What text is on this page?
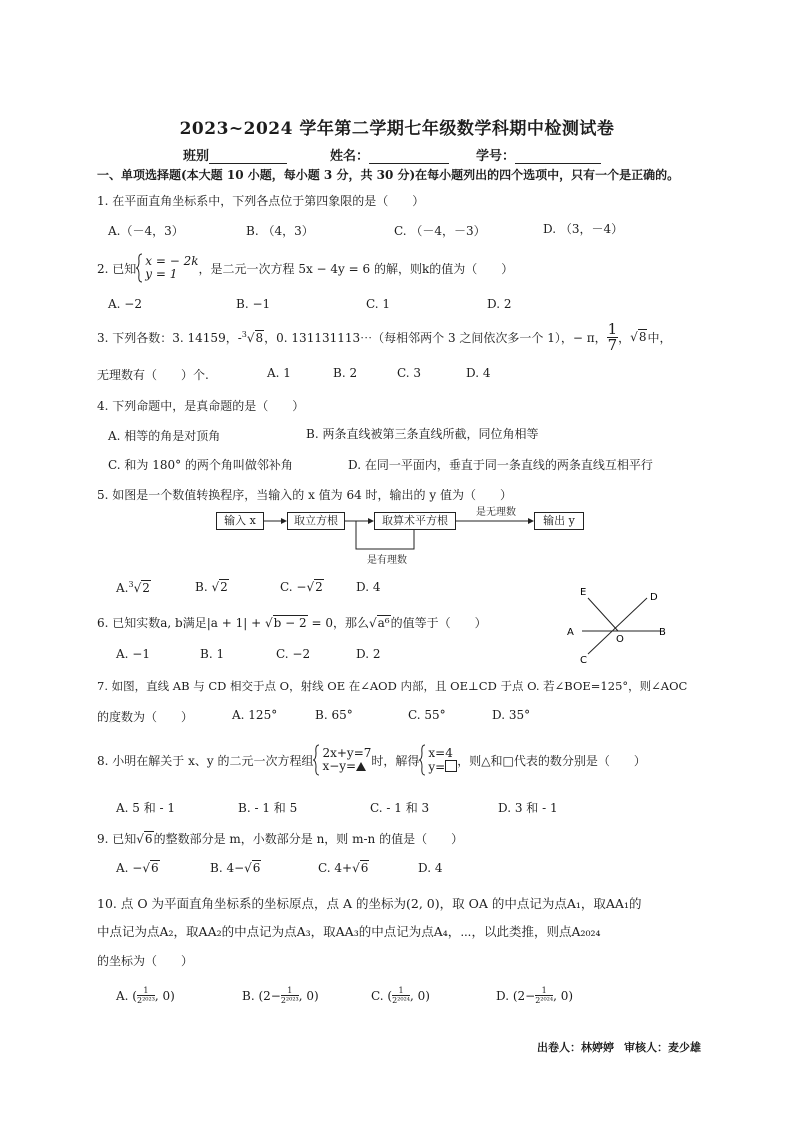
2023~2024 学年第二学期七年级数学科期中检测试卷
班别	姓名：	学号：
一、单项选择题(本大题 10 小题，每小题 3 分，共 30 分)在每小题列出的四个选项中，只有一个是正确的。
1. 在平面直角坐标系中，下列各点位于第四象限的是（　　）
A.（－4，3）	B. （4，3）	C. （－4，－3）	D. （3，－4）
2. 已知
x = − 2k
y = 1	，是二元一次方程 5x − 4y = 6 的解，则k的值为（　　）
A. −2	B. −1	C. 1	D. 2
3. 下列各数：3. 14159，- $^3$√8 ，0. 131131113⋯（每相邻两个 3 之间依次多一个 1），− π， $\frac{1}{7}$ ， √8 中，
无理数有（　　）个.	A. 1	B. 2	C. 3	D. 4
4. 下列命题中，是真命题的是（　　）
A. 相等的角是对顶角	B. 两条直线被第三条直线所截，同位角相等
C. 和为 180° 的两个角叫做邻补角	D. 在同一平面内，垂直于同一条直线的两条直线互相平行
5. 如图是一个数值转换程序，当输入的 x 值为 64 时，输出的 y 值为（　　）
输入 x	取立方根	取算术平方根
是无理数
输出 y
是有理数
A.$^3$√2	B. √2	C. −√2	D. 4
6. 已知实数a, b满足|a + 1| + √b − 2 = 0，那么√a⁶的值等于（　　）
A. −1	B. 1	C. −2	D. 2
E	D
A
O
B
C
7. 如图，直线 AB 与 CD 相交于点 O，射线 OE 在∠AOD 内部，且 OE⊥CD 于点 O. 若∠BOE=125°，则∠AOC
的度数为（　　）	A. 125°	B. 65°	C. 55°	D. 35°
8. 小明在解关于 x、y 的二元一次方程组
2x+y=7
x−y=	时，解得
x=4
y=	，则△和□代表的数分别是（　　）
A. 5 和 - 1	B. - 1 和 5	C. - 1 和 3	D. 3 和 - 1
9. 已知√6的整数部分是 m，小数部分是 n，则 m-n 的值是（　　）
A. −√6	B. 4−√6	C. 4+√6	D. 4
10. 点 O 为平面直角坐标系的坐标原点，点 A 的坐标为(2, 0)，取 OA 的中点记为点A₁，取AA₁的
中点记为点A₂，取AA₂的中点记为点A₃，取AA₃的中点记为点A₄，⋯，以此类推，则点A₂₀₂₄
的坐标为（　　）
A. ( $\frac{1}{\text{2²⁰²³}}$ , 0)	B. ($2- \frac{1}{\text{2²⁰²³}}$ , 0)	C. ( $\frac{1}{\text{2²⁰²⁴}}$ , 0)	D. ($2- \frac{1}{\text{2²⁰²⁴}}$ , 0)
出卷人：林婷婷 审核人：麦少雄
